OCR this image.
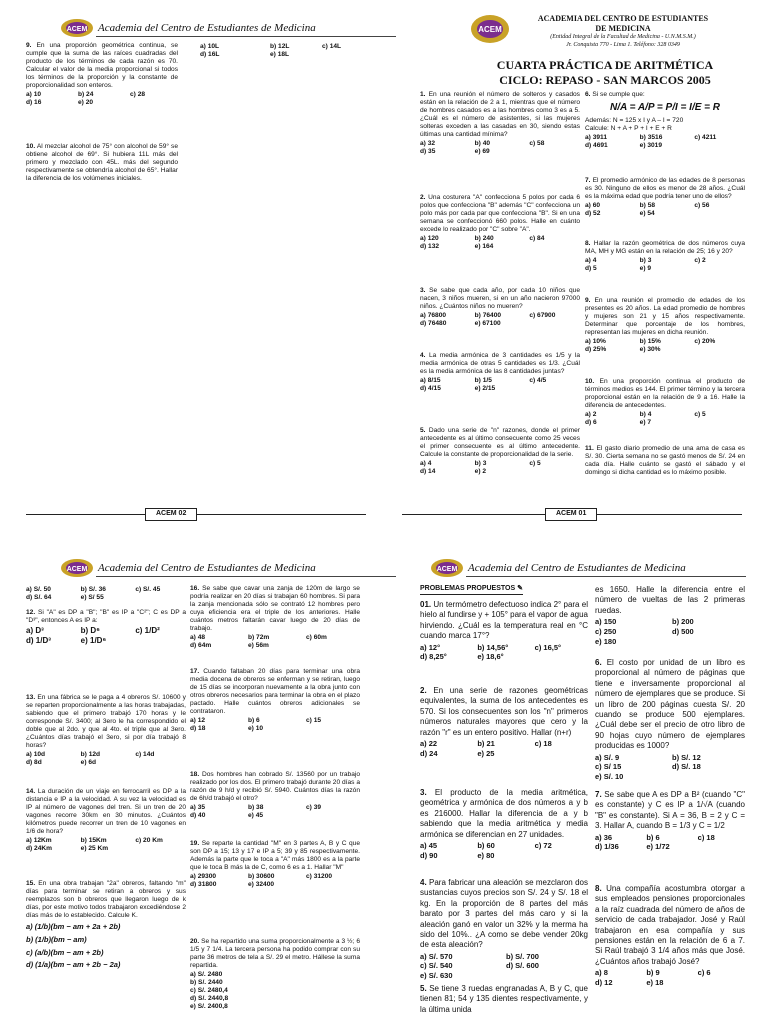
ACEM Academia del Centro de Estudiantes de Medicina
9. En una proporción geométrica continua, se cumple que la suma de las raíces cuadradas del producto de los términos de cada razón es 70. Calcular el valor de la media proporcional si todos los términos de la proporción y la constante de proporcionalidad son enteros.
a) 10	b) 24	c) 28
d) 16	e) 20
10. Al mezclar alcohol de 75° con alcohol de 59° se obtiene alcohol de 69°. Si hubiera 11L más del primero y mezclado con 45L. más del segundo respectivamente se obtendría alcohol de 65°. Hallar la diferencia de los volúmenes iniciales.
a) 10L	b) 12L	c) 14L
d) 16L	e) 18L
ACEM
ACADEMIA DEL CENTRO DE ESTUDIANTES
DE MEDICINA
(Entidad Integral de la Facultad de Medicina - U.N.M.S.M.)
Jr. Conquista 770 - Lima 1. Teléfono: 328 0349
CUARTA PRÁCTICA DE ARITMÉTICA
CICLO: REPASO - SAN MARCOS 2005
1. En una reunión el número de solteros y casados están en la relación de 2 a 1, mientras que el número de hombres casados es a las hombres como 3 es a 5. ¿Cuál es el número de asistentes, si las mujeres solteras exceden a las casadas en 30, siendo estas últimas una cantidad mínima?
a) 32	b) 40	c) 58
d) 35	e) 69
2. Una costurera "A" confecciona 5 polos por cada 6 polos que confecciona "B" además "C" confecciona un polo más por cada par que confecciona "B". Si en una semana se confeccionó 660 polos. Halle en cuánto excede lo realizado por "C" sobre "A".
a) 120	b) 240	c) 84
d) 132	e) 164
3. Se sabe que cada año, por cada 10 niños que nacen, 3 niños mueren, si en un año nacieron 97000 niños. ¿Cuántos niños no mueren?
a) 76800	b) 76400	c) 67900
d) 76480	e) 67100
4. La media armónica de 3 cantidades es 1/5 y la media armónica de otras 5 cantidades es 1/3. ¿Cuál es la media armónica de las 8 cantidades juntas?
a) 8/15	b) 1/5	c) 4/5
d) 4/15	e) 2/15
5. Dado una serie de "n" razones, donde el primer antecedente es al último consecuente como 25 veces el primer consecuente es al último antecedente. Calcule la constante de proporcionalidad de la serie.
a) 4	b) 3	c) 5
d) 14	e) 2
6. Si se cumple que:
N/A = A/P = P/I = I/E = R
Además: N = 125 x I y A – I = 720
Calcule: N + A + P + I + E + R
a) 3911	b) 3516	c) 4211
d) 4691	e) 3019
7. El promedio armónico de las edades de 8 personas es 30. Ninguno de ellos es menor de 28 años. ¿Cuál es la máxima edad que podría tener uno de ellos?
a) 60	b) 58	c) 56
d) 52	e) 54
8. Hallar la razón geométrica de dos números cuya MA, MH y MG están en la relación de 25; 16 y 20?
a) 4	b) 3	c) 2
d) 5	e) 9
9. En una reunión el promedio de edades de los presentes es 20 años. La edad promedio de hombres y mujeres son 21 y 15 años respectivamente. Determinar que porcentaje de los hombres, representan las mujeres en dicha reunión.
a) 10%	b) 15%	c) 20%
d) 25%	e) 30%
10. En una proporción continua el producto de términos medios es 144. El primer término y la tercera proporcional están en la relación de 9 a 16. Halle la diferencia de antecedentes.
a) 2	b) 4	c) 5
d) 6	e) 7
11. El gasto diario promedio de una ama de casa es S/. 30. Cierta semana no se gastó menos de S/. 24 en cada día. Halle cuánto se gastó el sábado y el domingo si dicha cantidad es lo máximo posible.
ACEM 02	ACEM 01
ACEM Academia del Centro de Estudiantes de Medicina
a) S/. 50	b) S/. 36	c) S/. 45
d) S/. 64	e) S/ 55
12. Si "A" es DP a "B"; "B" es IP a "C²"; C es DP a "D³", entonces A es IP a:
a) D³	b) D⁶	c) 1/D²
d) 1/D³	e) 1/D⁶
13. En una fábrica se le paga a 4 obreros S/. 10600 y se reparten proporcionalmente a las horas trabajadas, sabiendo que el primero trabajó 170 horas y le corresponde S/. 3400; al 3ero le ha correspondido el doble que al 2do. y que al 4to. el triple que al 3ero. ¿Cuántos días trabajó el 3ero, si por día trabajó 8 horas?
a) 10d	b) 12d	c) 14d
d) 8d	e) 6d
14. La duración de un viaje en ferrocarril es DP a la distancia e IP a la velocidad. A su vez la velocidad es IP al número de vagones del tren. Si un tren de 20 vagones recorre 30km en 30 minutos. ¿Cuántos kilómetros puede recorrer un tren de 10 vagones en 1/6 de hora?
a) 12Km	b) 15Km	c) 20 Km
d) 24Km	e) 25 Km
15. En una obra trabajan "2a" obreros, faltando "m" días para terminar se retiran a obreros y sus reemplazos son b obreros que llegaron luego de k días, por este motivo todos trabajaron excediéndose 2 días más de lo establecido. Calcule K.
a) (1/b)(bm − am + 2a + 2b)
b) (1/b)(bm − am)
c) (a/b)(bm − am + 2b)
d) (1/a)(bm − am + 2b − 2a)
16. Se sabe que cavar una zanja de 120m de largo se podría realizar en 20 días si trabajan 60 hombres. Si para la zanja mencionada sólo se contrató 12 hombres pero cuya eficiencia era el triple de los anteriores. Halle cuántos metros faltarán cavar luego de 20 días de trabajo.
a) 48	b) 72m	c) 60m
d) 64m	e) 56m
17. Cuando faltaban 20 días para terminar una obra media docena de obreros se enferman y se retiran, luego de 15 días se incorporan nuevamente a la obra junto con otros obreros necesarios para terminar la obra en el plazo pactado. Halle cuántos obreros adicionales se contrataron.
a) 12	b) 6	c) 15
d) 18	e) 10
18. Dos hombres han cobrado S/. 13560 por un trabajo realizado por los dos. El primero trabajó durante 20 días a razón de 9 h/d y recibió S/. 5940. Cuántos días la razón de 6h/d trabajó el otro?
a) 35	b) 38	c) 39
d) 40	e) 45
19. Se reparte la cantidad "M" en 3 partes A, B y C que son DP a 15; 13 y 17 e IP a 5; 39 y 85 respectivamente. Además la parte que le toca a "A" más 1800 es a la parte que le toca B más la de C, como 6 es a 1. Hallar "M"
a) 29300	b) 30600	c) 31200
d) 31800	e) 32400
20. Se ha repartido una suma proporcionalmente a 3 ½; 6 1/5 y 7 1/4. La tercera persona ha podido comprar con su parte 36 metros de tela a S/. 29 el metro. Hállese la suma repartida.
a) S/. 2480
b) S/. 2440
c) S/. 2480,4
d) S/. 2440,8
e) S/. 2400,8
ACEM Academia del Centro de Estudiantes de Medicina
PROBLEMAS PROPUESTOS ✎
01. Un termómetro defectuoso indica 2° para el hielo al fundirse y + 105° para el vapor de agua hirviendo. ¿Cuál es la temperatura real en °C cuando marca 17°?
a) 12°	b) 14,56°	c) 16,5°
d) 8,25°	e) 18,6°
2. En una serie de razones geométricas equivalentes, la suma de los antecedentes es 570. Si los consecuentes son los "n" primeros números naturales mayores que cero y la razón "r" es un entero positivo. Hallar (n+r)
a) 22	b) 21	c) 18
d) 24	e) 25
3. El producto de la media aritmética, geométrica y armónica de dos números a y b es 216000. Hallar la diferencia de a y b sabiendo que la media aritmética y media armónica se diferencian en 27 unidades.
a) 45	b) 60	c) 72
d) 90	e) 80
4. Para fabricar una aleación se mezclaron dos sustancias cuyos precios son S/. 24 y S/. 18 el kg. En la proporción de 8 partes del más barato por 3 partes del más caro y si la aleación ganó en valor un 32% y la merma ha sido del 10%.. ¿A como se debe vender 20kg de esta aleación?
a) S/. 570	b) S/. 700
c) S/. 540	d) S/. 600
e) S/. 630
5. Se tiene 3 ruedas engranadas A, B y C, que tienen 81; 54 y 135 dientes respectivamente, y la última unida
es 1650. Halle la diferencia entre el número de vueltas de las 2 primeras ruedas.
a) 150	b) 200
c) 250	d) 500
e) 180
6. El costo por unidad de un libro es proporcional al número de páginas que tiene e inversamente proporcional al número de ejemplares que se produce. Si un libro de 200 páginas cuesta S/. 20 cuando se produce 500 ejemplares. ¿Cuál debe ser el precio de otro libro de 90 hojas cuyo número de ejemplares producidas es 1000?
a) S/. 9	b) S/. 12
c) S/ 15	d) S/. 18
e) S/. 10
7. Se sabe que A es DP a B² (cuando "C" es constante) y C es IP a 1/√A (cuando "B" es constante). Si A = 36, B = 2 y C = 3. Hallar A, cuando B = 1/3 y C = 1/2
a) 36	b) 6	c) 18
d) 1/36	e) 1/72
8. Una compañía acostumbra otorgar a sus empleados pensiones proporcionales a la raíz cuadrada del número de años de servicio de cada trabajador. José y Raúl trabajaron en esa compañía y sus pensiones están en la relación de 6 a 7. Si Raúl trabajó 3 1/4 años más que José. ¿Cuántos años trabajó José?
a) 8	b) 9	c) 6
d) 12	e) 18
